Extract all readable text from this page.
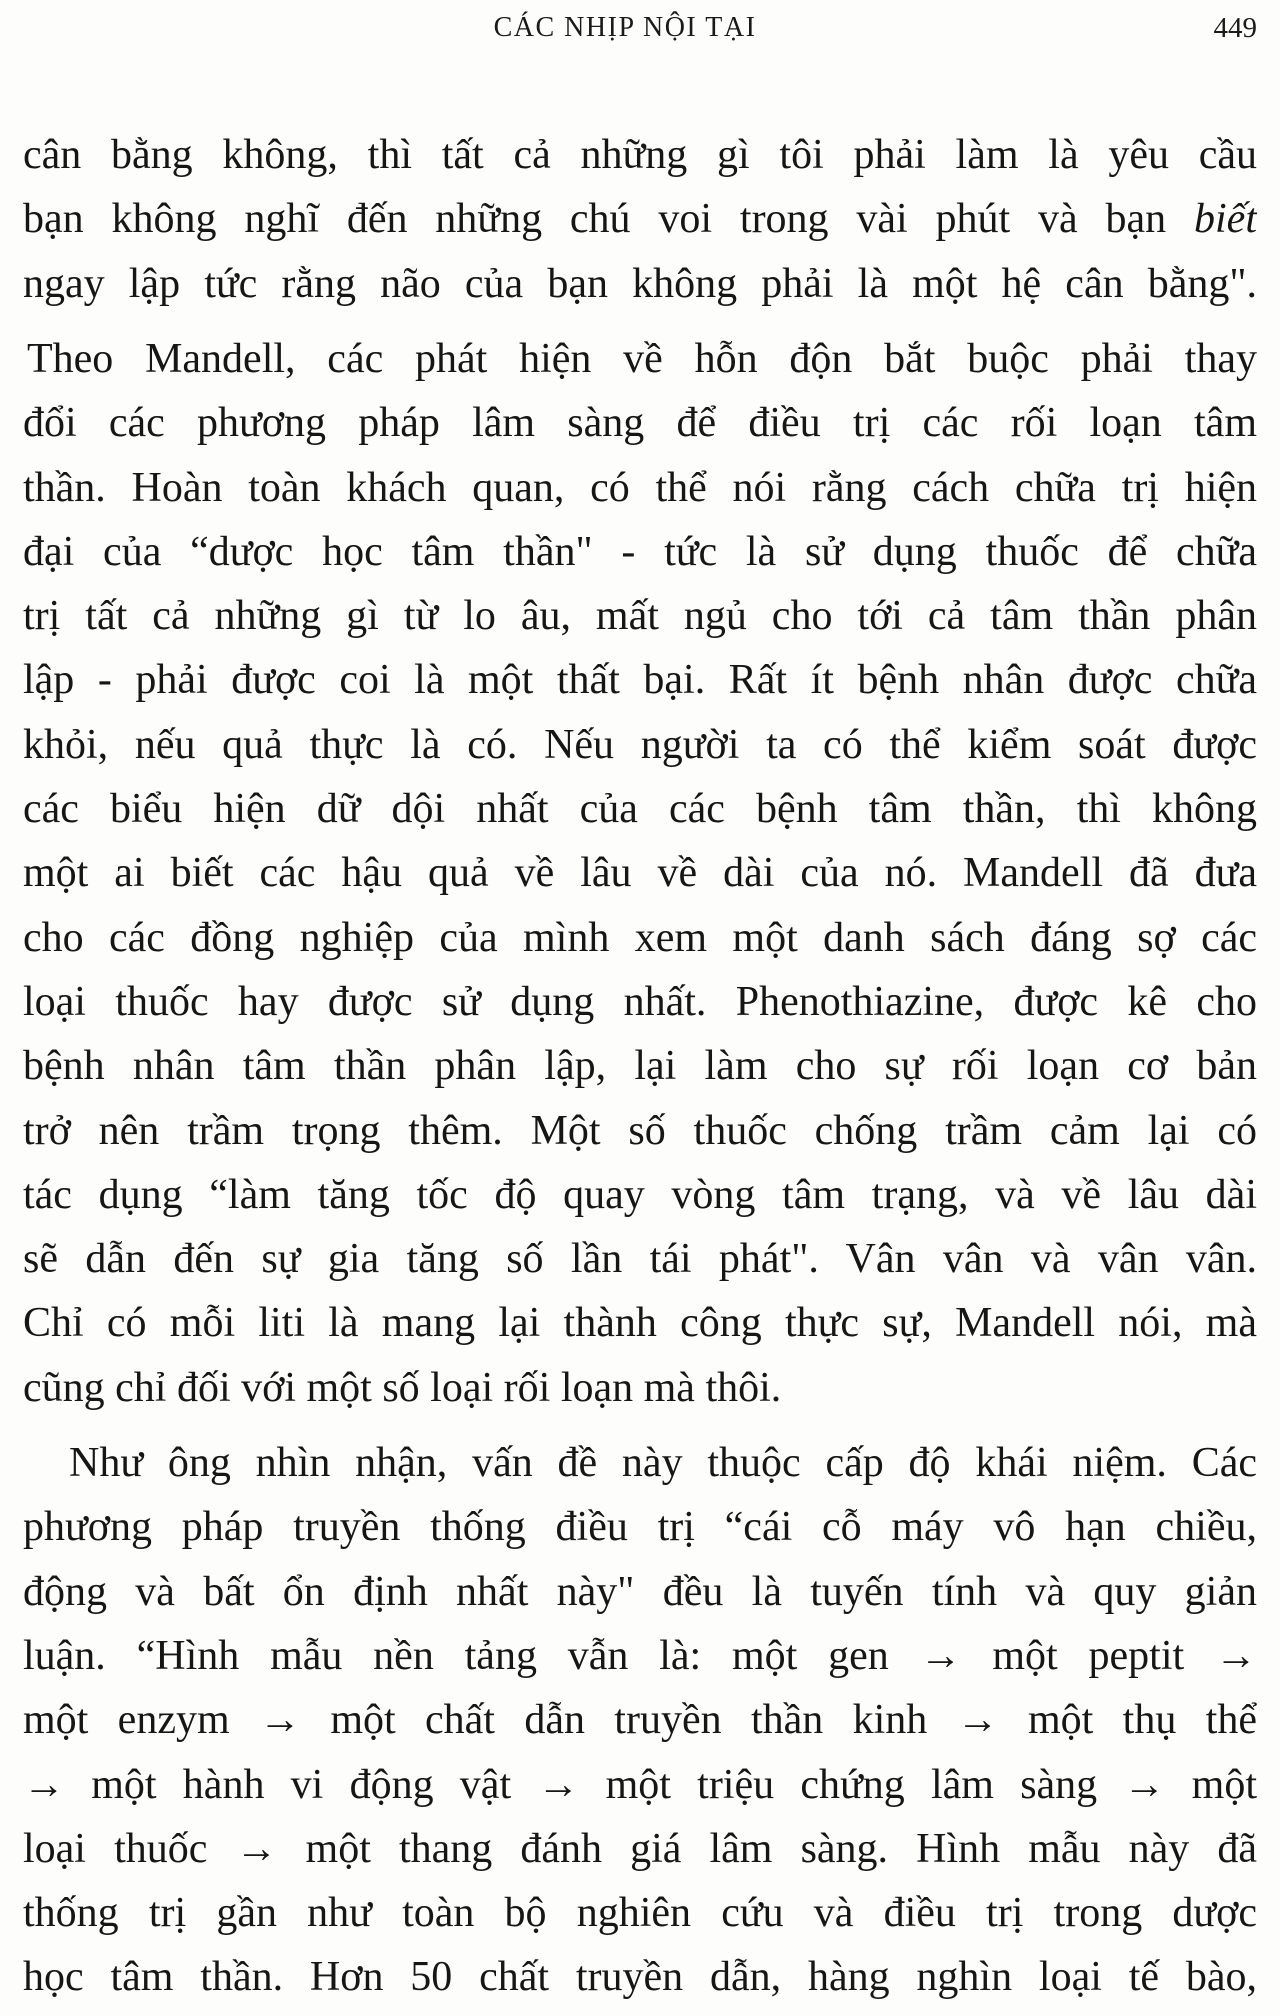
CÁC NHỊP NỘI TẠI	449
cân bằng không, thì tất cả những gì tôi phải làm là yêu cầu
bạn không nghĩ đến những chú voi trong vài phút và bạn biết
ngay lập tức rằng não của bạn không phải là một hệ cân bằng".
Theo Mandell, các phát hiện về hỗn độn bắt buộc phải thay
đổi các phương pháp lâm sàng để điều trị các rối loạn tâm
thần. Hoàn toàn khách quan, có thể nói rằng cách chữa trị hiện
đại của “dược học tâm thần" - tức là sử dụng thuốc để chữa
trị tất cả những gì từ lo âu, mất ngủ cho tới cả tâm thần phân
lập - phải được coi là một thất bại. Rất ít bệnh nhân được chữa
khỏi, nếu quả thực là có. Nếu người ta có thể kiểm soát được
các biểu hiện dữ dội nhất của các bệnh tâm thần, thì không
một ai biết các hậu quả về lâu về dài của nó. Mandell đã đưa
cho các đồng nghiệp của mình xem một danh sách đáng sợ các
loại thuốc hay được sử dụng nhất. Phenothiazine, được kê cho
bệnh nhân tâm thần phân lập, lại làm cho sự rối loạn cơ bản
trở nên trầm trọng thêm. Một số thuốc chống trầm cảm lại có
tác dụng “làm tăng tốc độ quay vòng tâm trạng, và về lâu dài
sẽ dẫn đến sự gia tăng số lần tái phát". Vân vân và vân vân.
Chỉ có mỗi liti là mang lại thành công thực sự, Mandell nói, mà
cũng chỉ đối với một số loại rối loạn mà thôi.
Như ông nhìn nhận, vấn đề này thuộc cấp độ khái niệm. Các
phương pháp truyền thống điều trị “cái cỗ máy vô hạn chiều,
động và bất ổn định nhất này" đều là tuyến tính và quy giản
luận. “Hình mẫu nền tảng vẫn là: một gen → một peptit →
một enzym → một chất dẫn truyền thần kinh → một thụ thể
→ một hành vi động vật → một triệu chứng lâm sàng → một
loại thuốc → một thang đánh giá lâm sàng. Hình mẫu này đã
thống trị gần như toàn bộ nghiên cứu và điều trị trong dược
học tâm thần. Hơn 50 chất truyền dẫn, hàng nghìn loại tế bào,
